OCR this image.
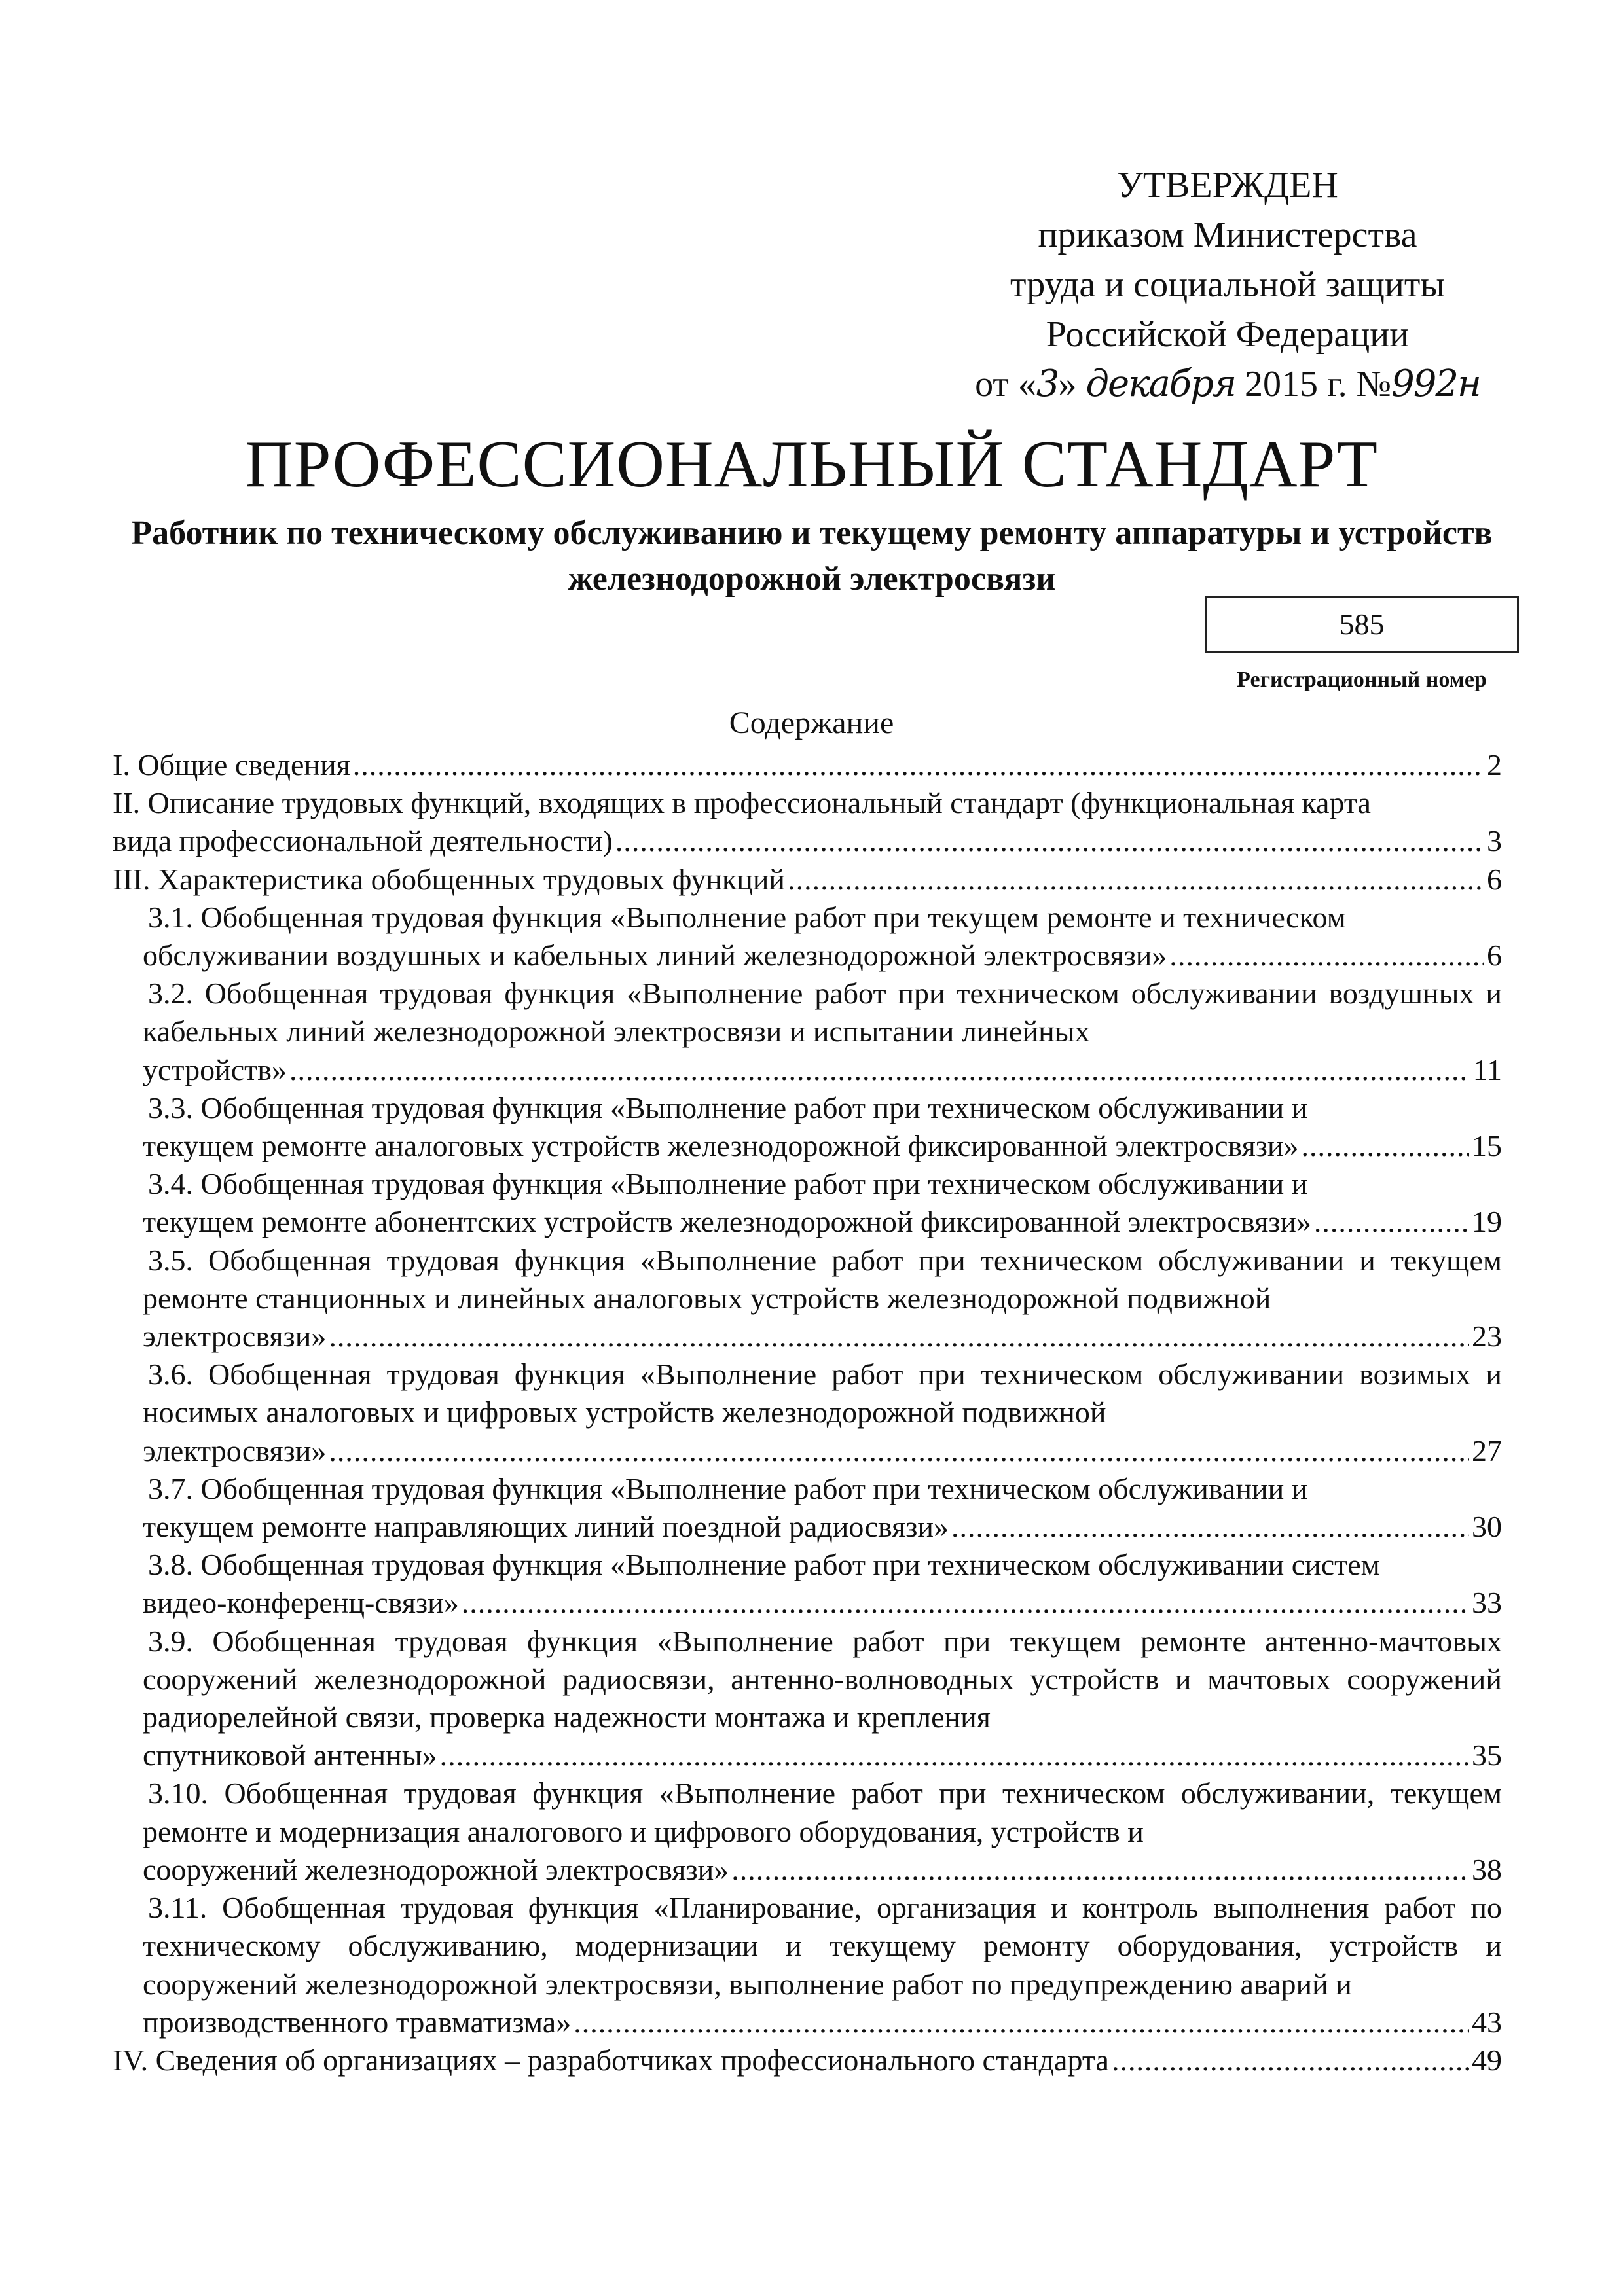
УТВЕРЖДЕН
приказом Министерства
труда и социальной защиты
Российской Федерации
от «3» декабря 2015 г. №992н
ПРОФЕССИОНАЛЬНЫЙ СТАНДАРТ
Работник по техническому обслуживанию и текущему ремонту аппаратуры и устройств железнодорожной электросвязи
585
Регистрационный номер
Содержание
I. Общие сведения .....	2
II. Описание трудовых функций, входящих в профессиональный стандарт (функциональная карта
вида профессиональной деятельности) .....	3
III. Характеристика обобщенных трудовых функций .....	6
3.1. Обобщенная трудовая функция «Выполнение работ при текущем ремонте и техническом
обслуживании воздушных и кабельных линий железнодорожной электросвязи» .....	6
3.2. Обобщенная трудовая функция «Выполнение работ при техническом обслуживании воздушных и кабельных линий железнодорожной электросвязи и испытании линейных
устройств» .....	11
3.3. Обобщенная трудовая функция «Выполнение работ при техническом обслуживании и
текущем ремонте аналоговых устройств железнодорожной фиксированной электросвязи» .....	15
3.4. Обобщенная трудовая функция «Выполнение работ при техническом обслуживании и
текущем ремонте абонентских устройств железнодорожной фиксированной электросвязи» .....	19
3.5. Обобщенная трудовая функция «Выполнение работ при техническом обслуживании и текущем ремонте станционных и линейных аналоговых устройств железнодорожной подвижной
электросвязи» .....	23
3.6. Обобщенная трудовая функция «Выполнение работ при техническом обслуживании возимых и носимых аналоговых и цифровых устройств железнодорожной подвижной
электросвязи» .....	27
3.7. Обобщенная трудовая функция «Выполнение работ при техническом обслуживании и
текущем ремонте направляющих линий поездной радиосвязи» .....	30
3.8. Обобщенная трудовая функция «Выполнение работ при техническом обслуживании систем
видео-конференц-связи» .....	33
3.9. Обобщенная трудовая функция «Выполнение работ при текущем ремонте антенно-мачтовых сооружений железнодорожной радиосвязи, антенно-волноводных устройств и мачтовых сооружений радиорелейной связи, проверка надежности монтажа и крепления
спутниковой антенны» .....	35
3.10. Обобщенная трудовая функция «Выполнение работ при техническом обслуживании, текущем ремонте и модернизация аналогового и цифрового оборудования, устройств и
сооружений железнодорожной электросвязи» .....	38
3.11. Обобщенная трудовая функция «Планирование, организация и контроль выполнения работ по техническому обслуживанию, модернизации и текущему ремонту оборудования, устройств и сооружений железнодорожной электросвязи, выполнение работ по предупреждению аварий и
производственного травматизма» .....	43
IV. Сведения об организациях – разработчиках профессионального стандарта .....	49
